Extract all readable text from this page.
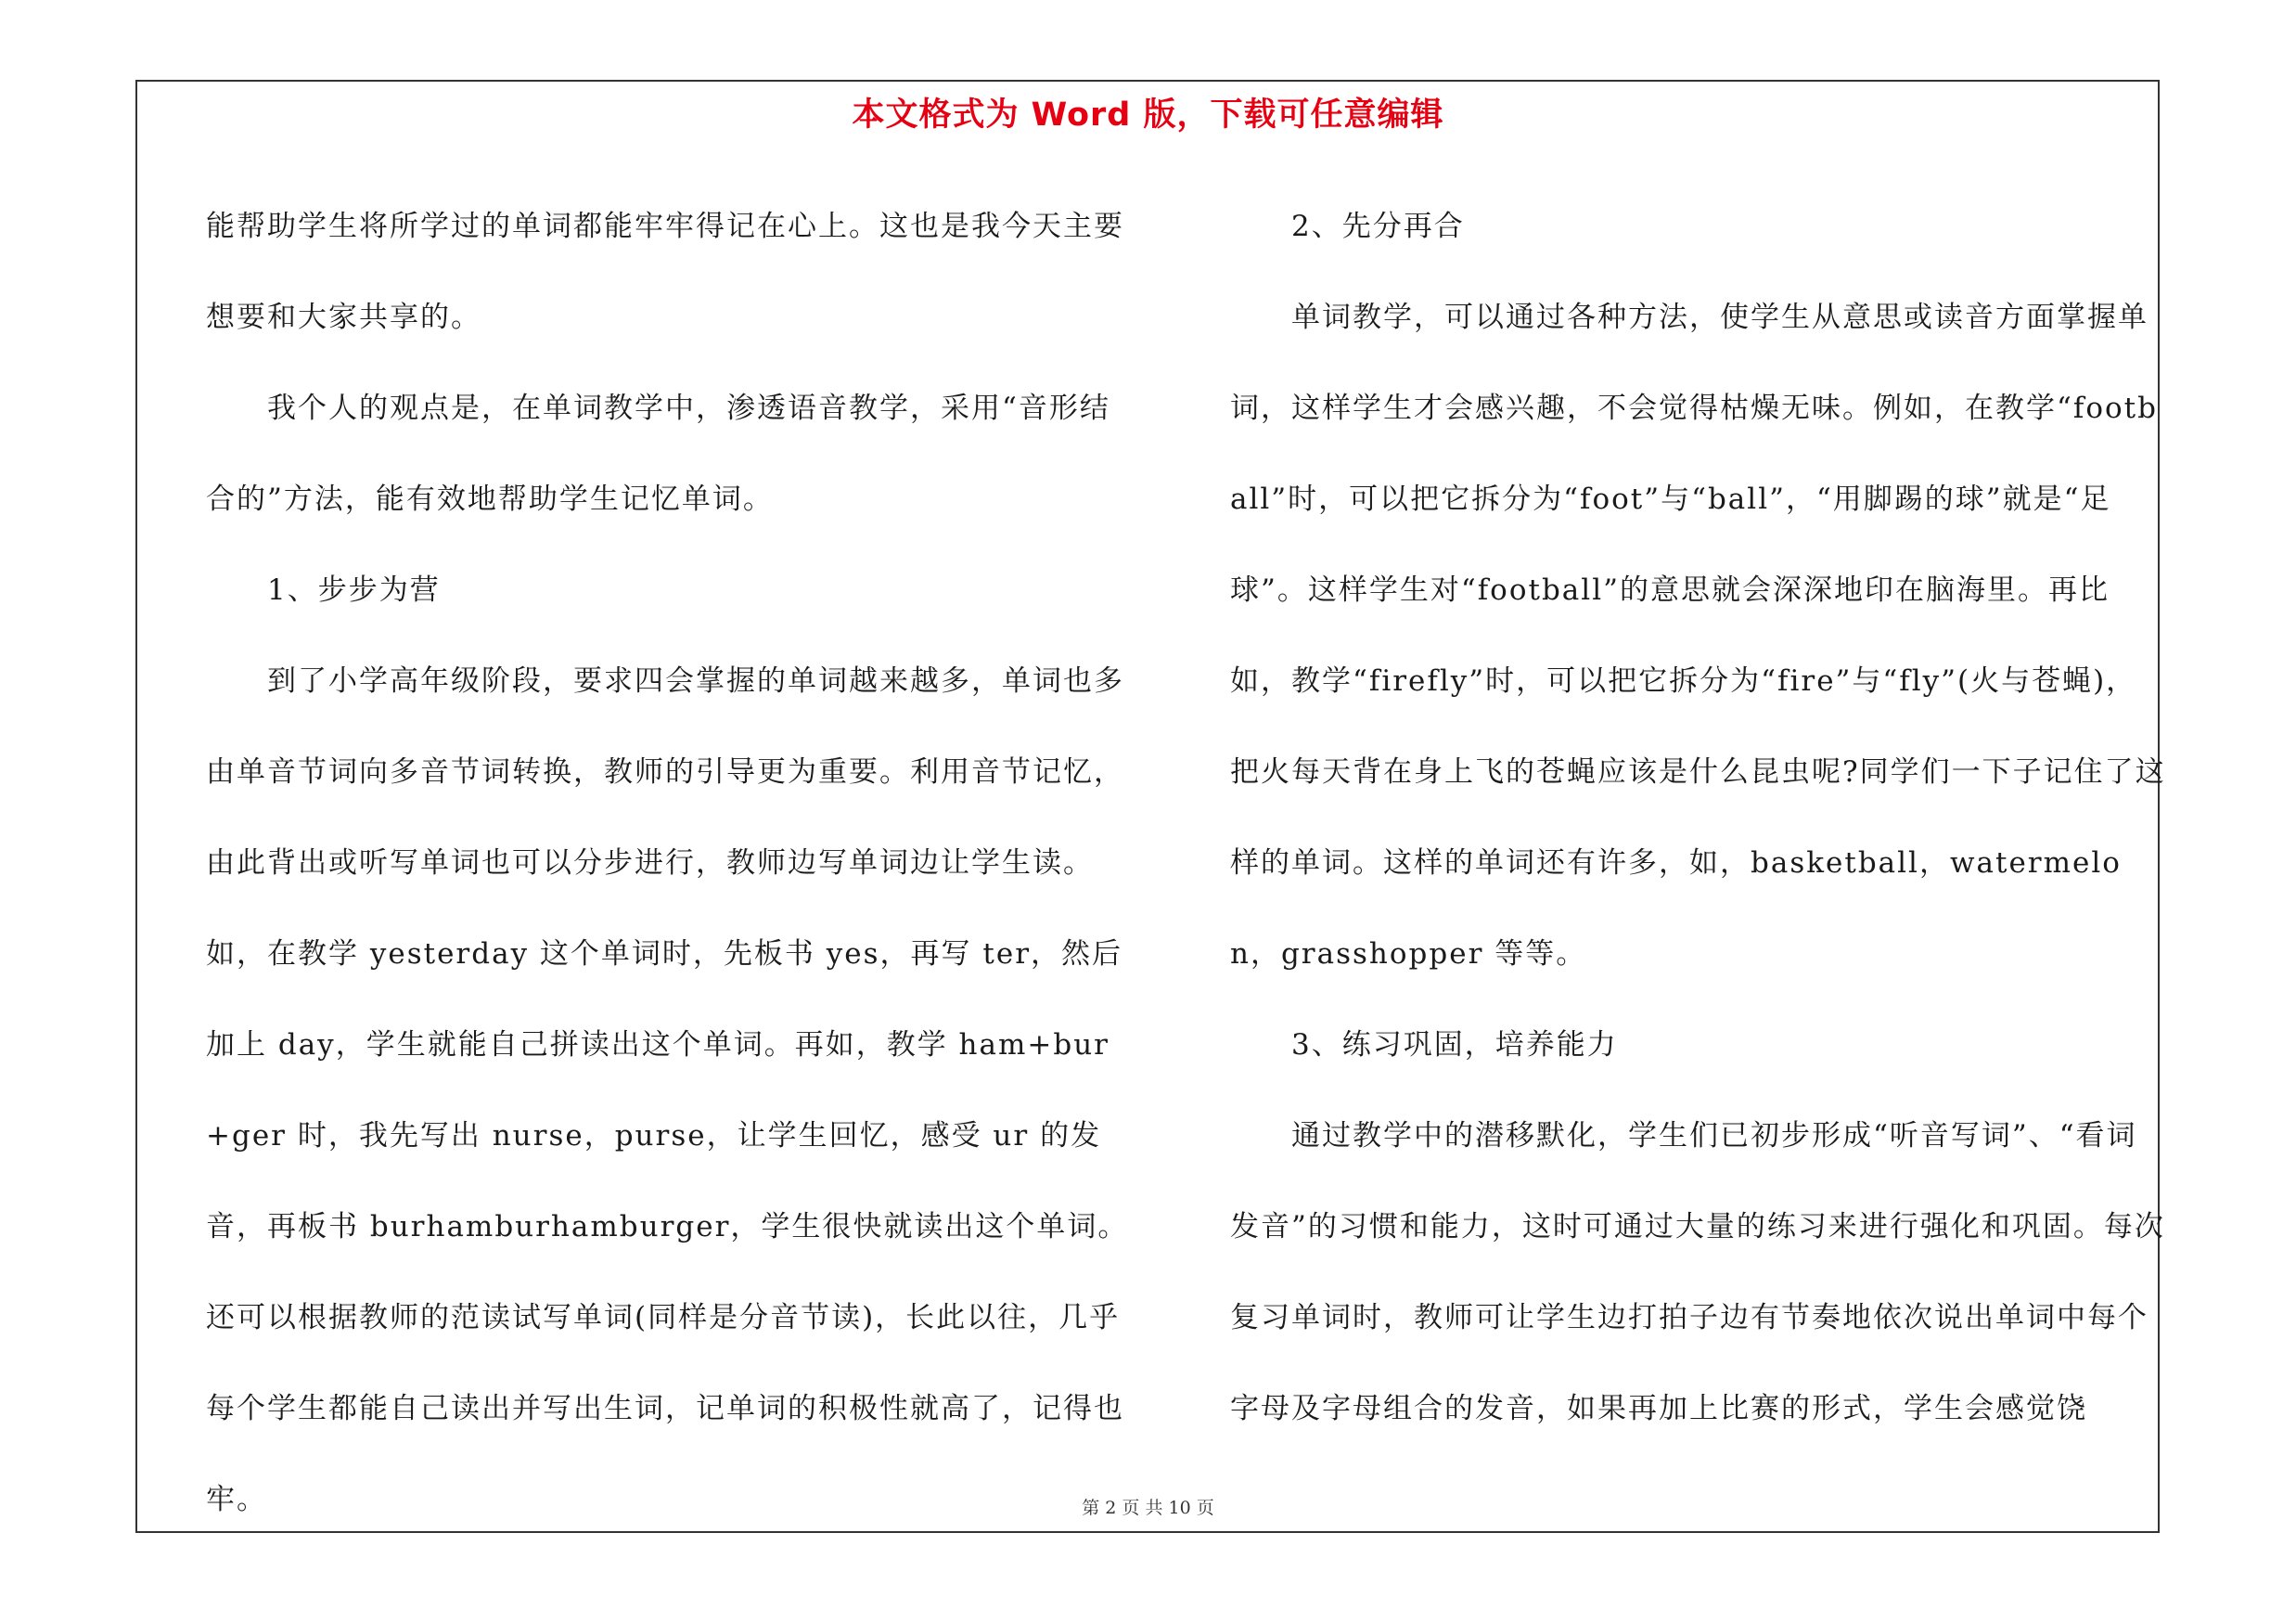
本文格式为 Word 版，下载可任意编辑

能帮助学生将所学过的单词都能牢牢得记在心上。这也是我今天主要想要和大家共享的。

我个人的观点是，在单词教学中，渗透语音教学，采用“音形结合的”方法，能有效地帮助学生记忆单词。

1、步步为营

到了小学高年级阶段，要求四会掌握的单词越来越多，单词也多由单音节词向多音节词转换，教师的引导更为重要。利用音节记忆，由此背出或听写单词也可以分步进行，教师边写单词边让学生读。如，在教学 yesterday 这个单词时，先板书 yes，再写 ter，然后加上 day，学生就能自己拼读出这个单词。再如，教学 ham+bur+ger 时，我先写出 nurse，purse，让学生回忆，感受 ur 的发音，再板书 burhamburhamburger，学生很快就读出这个单词。还可以根据教师的范读试写单词(同样是分音节读)，长此以往，几乎每个学生都能自己读出并写出生词，记单词的积极性就高了，记得也牢。

2、先分再合

单词教学，可以通过各种方法，使学生从意思或读音方面掌握单词，这样学生才会感兴趣，不会觉得枯燥无味。例如，在教学“football”时，可以把它拆分为“foot”与“ball”，“用脚踢的球”就是“足球”。这样学生对“football”的意思就会深深地印在脑海里。再比如，教学“firefly”时，可以把它拆分为“fire”与“fly”(火与苍蝇)，把火每天背在身上飞的苍蝇应该是什么昆虫呢?同学们一下子记住了这样的单词。这样的单词还有许多，如，basketball，watermelon，grasshopper 等等。

3、练习巩固，培养能力

通过教学中的潜移默化，学生们已初步形成“听音写词”、“看词发音”的习惯和能力，这时可通过大量的练习来进行强化和巩固。每次复习单词时，教师可让学生边打拍子边有节奏地依次说出单词中每个字母及字母组合的发音，如果再加上比赛的形式，学生会感觉饶

第 2 页 共 10 页
